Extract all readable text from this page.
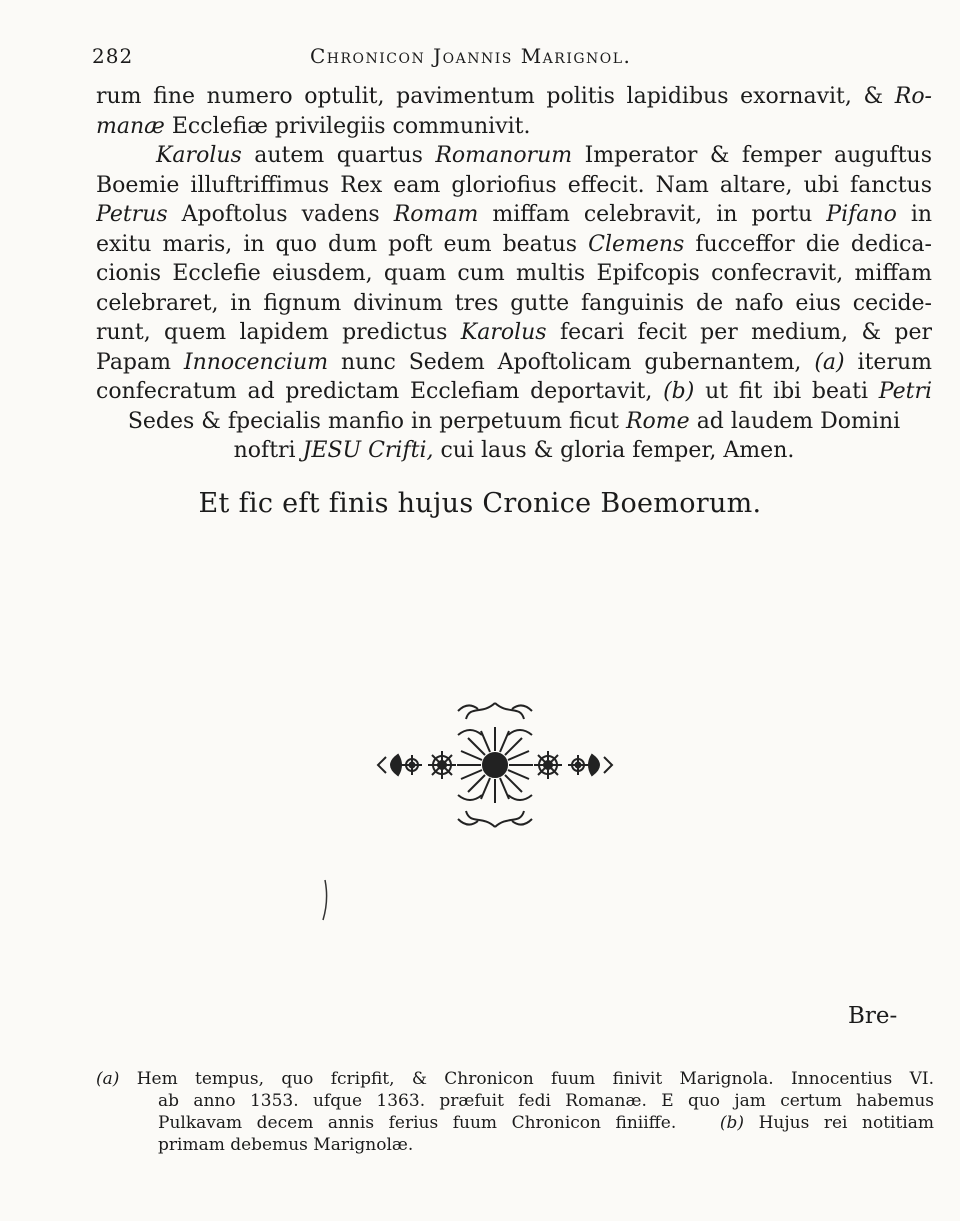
282	Chronicon Joannis Marignol.
rum fine numero optulit, pavimentum politis lapidibus exornavit, & Ro-
manæ Ecclefiæ privilegiis communivit.
Karolus autem quartus Romanorum Imperator & femper auguftus
Boemie illuftriffimus Rex eam gloriofius effecit. Nam altare, ubi fanctus
Petrus Apoftolus vadens Romam miffam celebravit, in portu Pifano in
exitu maris, in quo dum poft eum beatus Clemens fucceffor die dedica-
cionis Ecclefie eiusdem, quam cum multis Epifcopis confecravit, miffam
celebraret, in fignum divinum tres gutte fanguinis de nafo eius cecide-
runt, quem lapidem predictus Karolus fecari fecit per medium, & per
Papam Innocencium nunc Sedem Apoftolicam gubernantem, (a) iterum
confecratum ad predictam Ecclefiam deportavit, (b) ut fit ibi beati Petri
Sedes & fpecialis manfio in perpetuum ficut Rome ad laudem Domini
noftri JESU Crifti, cui laus & gloria femper, Amen.
Et fic eft finis hujus Cronice Boemorum.
Bre-
(a) Hem tempus, quo fcripfit, & Chronicon fuum finivit Marignola. Innocentius VI.
ab anno 1353. ufque 1363. præfuit fedi Romanæ. E quo jam certum habemus
Pulkavam decem annis ferius fuum Chronicon finiiffe.	(b) Hujus rei notitiam
primam debemus Marignolæ.
